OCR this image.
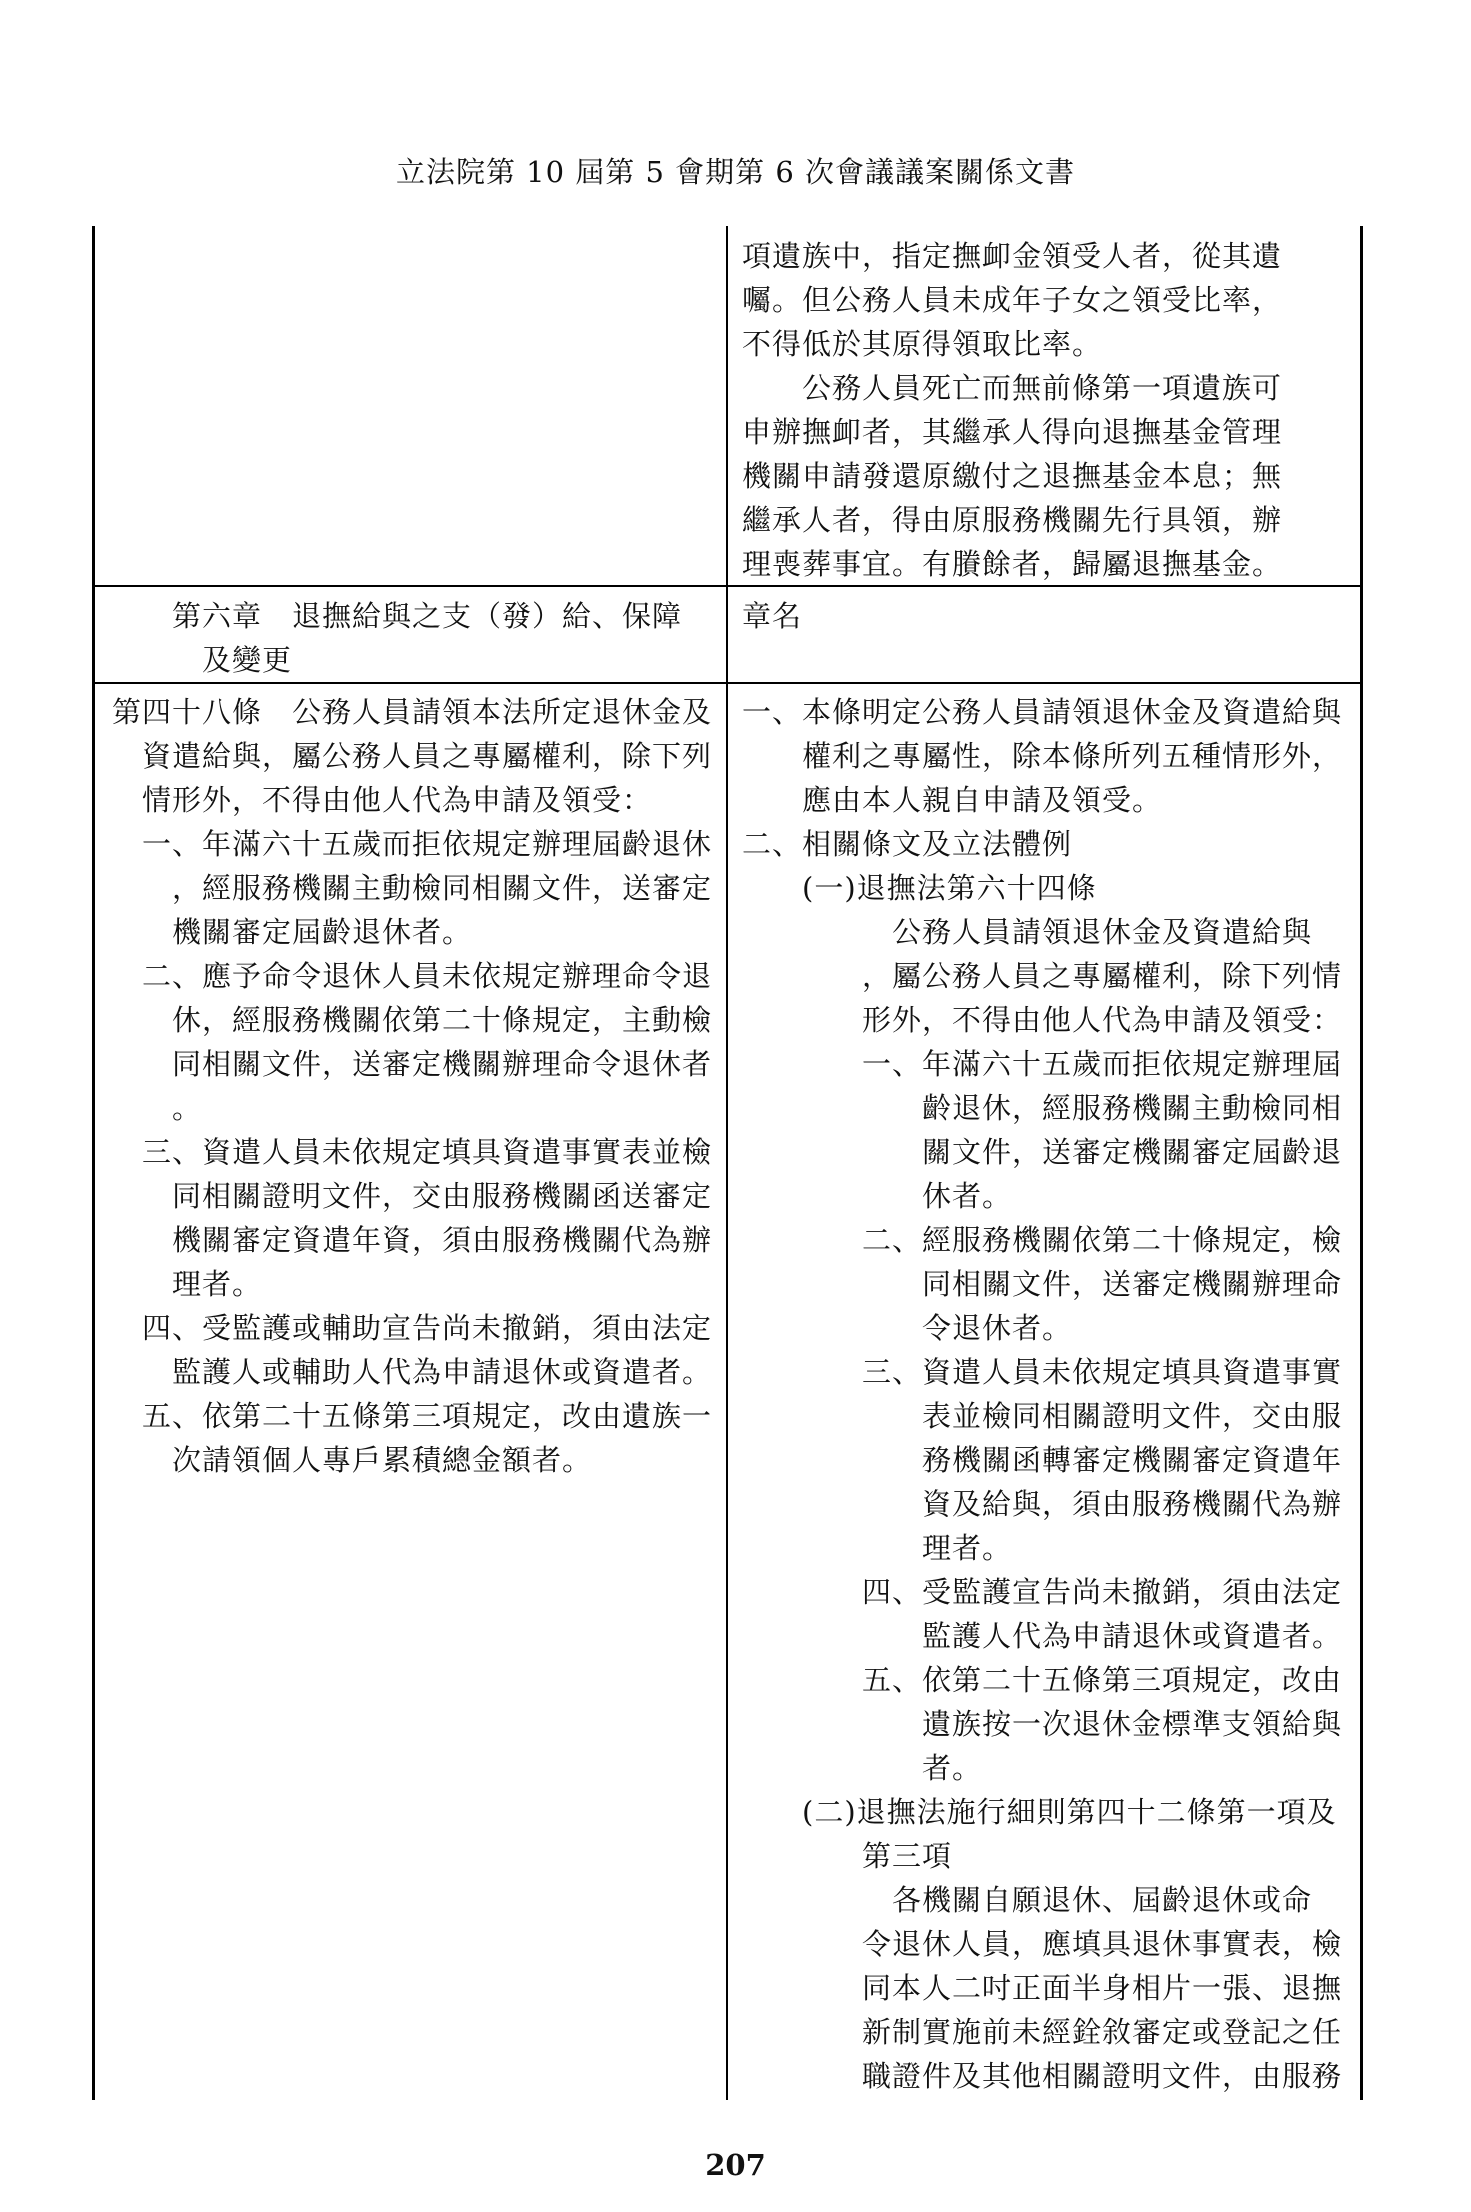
立法院第 10 屆第 5 會期第 6 次會議議案關係文書

項遺族中，指定撫卹金領受人者，從其遺

囑。但公務人員未成年子女之領受比率，

不得低於其原得領取比率。

　　公務人員死亡而無前條第一項遺族可

申辦撫卹者，其繼承人得向退撫基金管理

機關申請發還原繳付之退撫基金本息；無

繼承人者，得由原服務機關先行具領，辦

理喪葬事宜。有賸餘者，歸屬退撫基金。

　　第六章　退撫給與之支（發）給、保障

　　　及變更

章名

第四十八條　公務人員請領本法所定退休金及

　資遣給與，屬公務人員之專屬權利，除下列

　情形外，不得由他人代為申請及領受：

　一、年滿六十五歲而拒依規定辦理屆齡退休

　　，經服務機關主動檢同相關文件，送審定

　　機關審定屆齡退休者。

　二、應予命令退休人員未依規定辦理命令退

　　休，經服務機關依第二十條規定，主動檢

　　同相關文件，送審定機關辦理命令退休者

　　。

　三、資遣人員未依規定填具資遣事實表並檢

　　同相關證明文件，交由服務機關函送審定

　　機關審定資遣年資，須由服務機關代為辦

　　理者。

　四、受監護或輔助宣告尚未撤銷，須由法定

　　監護人或輔助人代為申請退休或資遣者。

　五、依第二十五條第三項規定，改由遺族一

　　次請領個人專戶累積總金額者。

一、本條明定公務人員請領退休金及資遣給與

　　權利之專屬性，除本條所列五種情形外，

　　應由本人親自申請及領受。

二、相關條文及立法體例

　　(一)退撫法第六十四條

　　　　　公務人員請領退休金及資遣給與

　　　　，屬公務人員之專屬權利，除下列情

　　　　形外，不得由他人代為申請及領受：

　　　　一、年滿六十五歲而拒依規定辦理屆

　　　　　　齡退休，經服務機關主動檢同相

　　　　　　關文件，送審定機關審定屆齡退

　　　　　　休者。

　　　　二、經服務機關依第二十條規定，檢

　　　　　　同相關文件，送審定機關辦理命

　　　　　　令退休者。

　　　　三、資遣人員未依規定填具資遣事實

　　　　　　表並檢同相關證明文件，交由服

　　　　　　務機關函轉審定機關審定資遣年

　　　　　　資及給與，須由服務機關代為辦

　　　　　　理者。

　　　　四、受監護宣告尚未撤銷，須由法定

　　　　　　監護人代為申請退休或資遣者。

　　　　五、依第二十五條第三項規定，改由

　　　　　　遺族按一次退休金標準支領給與

　　　　　　者。

　　(二)退撫法施行細則第四十二條第一項及

　　　　第三項

　　　　　各機關自願退休、屆齡退休或命

　　　　令退休人員，應填具退休事實表，檢

　　　　同本人二吋正面半身相片一張、退撫

　　　　新制實施前未經銓敘審定或登記之任

　　　　職證件及其他相關證明文件，由服務

207
